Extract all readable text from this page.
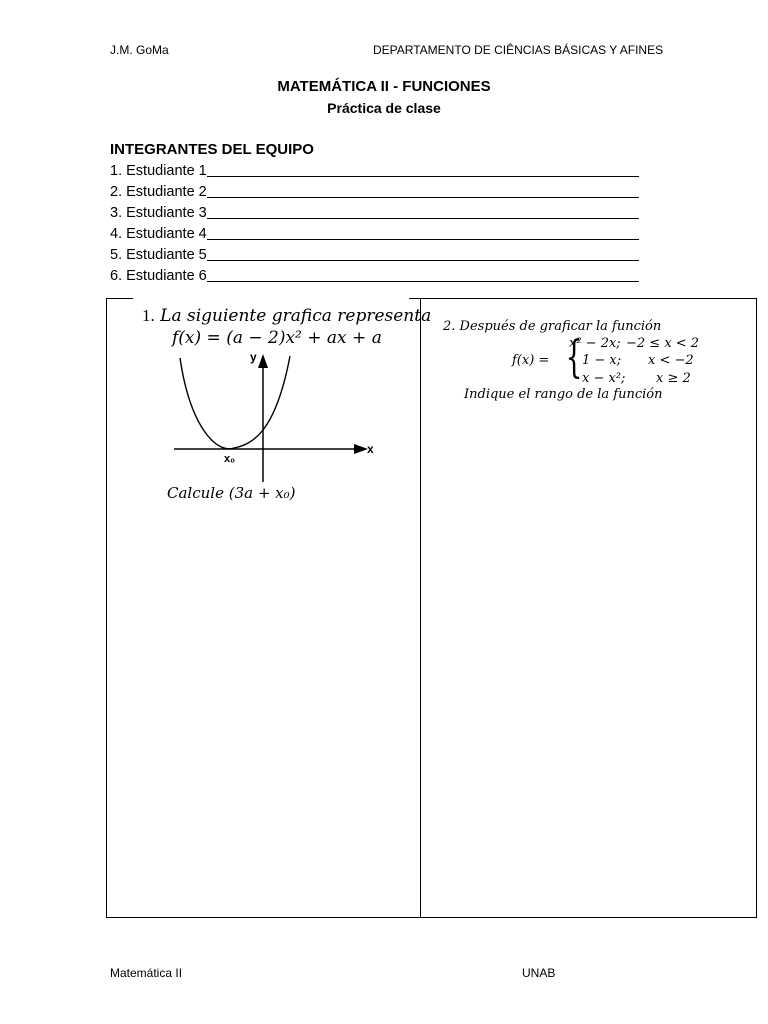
J.M. GoMa	DEPARTAMENTO DE CIÊNCIAS BÁSICAS Y AFINES
MATEMÁTICA II - FUNCIONES
Práctica de clase
INTEGRANTES DEL EQUIPO
1. Estudiante 1
2. Estudiante 2
3. Estudiante 3
4. Estudiante 4
5. Estudiante 5
6. Estudiante 6
1. La siguiente grafica representa
f(x) = (a − 2)x² + ax + a
x
y
x₀
Calcule (3a + x₀)
2. Después de graficar la función
f(x) = {
x² − 2x; −2 ≤ x < 2
1 − x; x < −2
x − x²; x ≥ 2
Indique el rango de la función
Matemática II	UNAB
